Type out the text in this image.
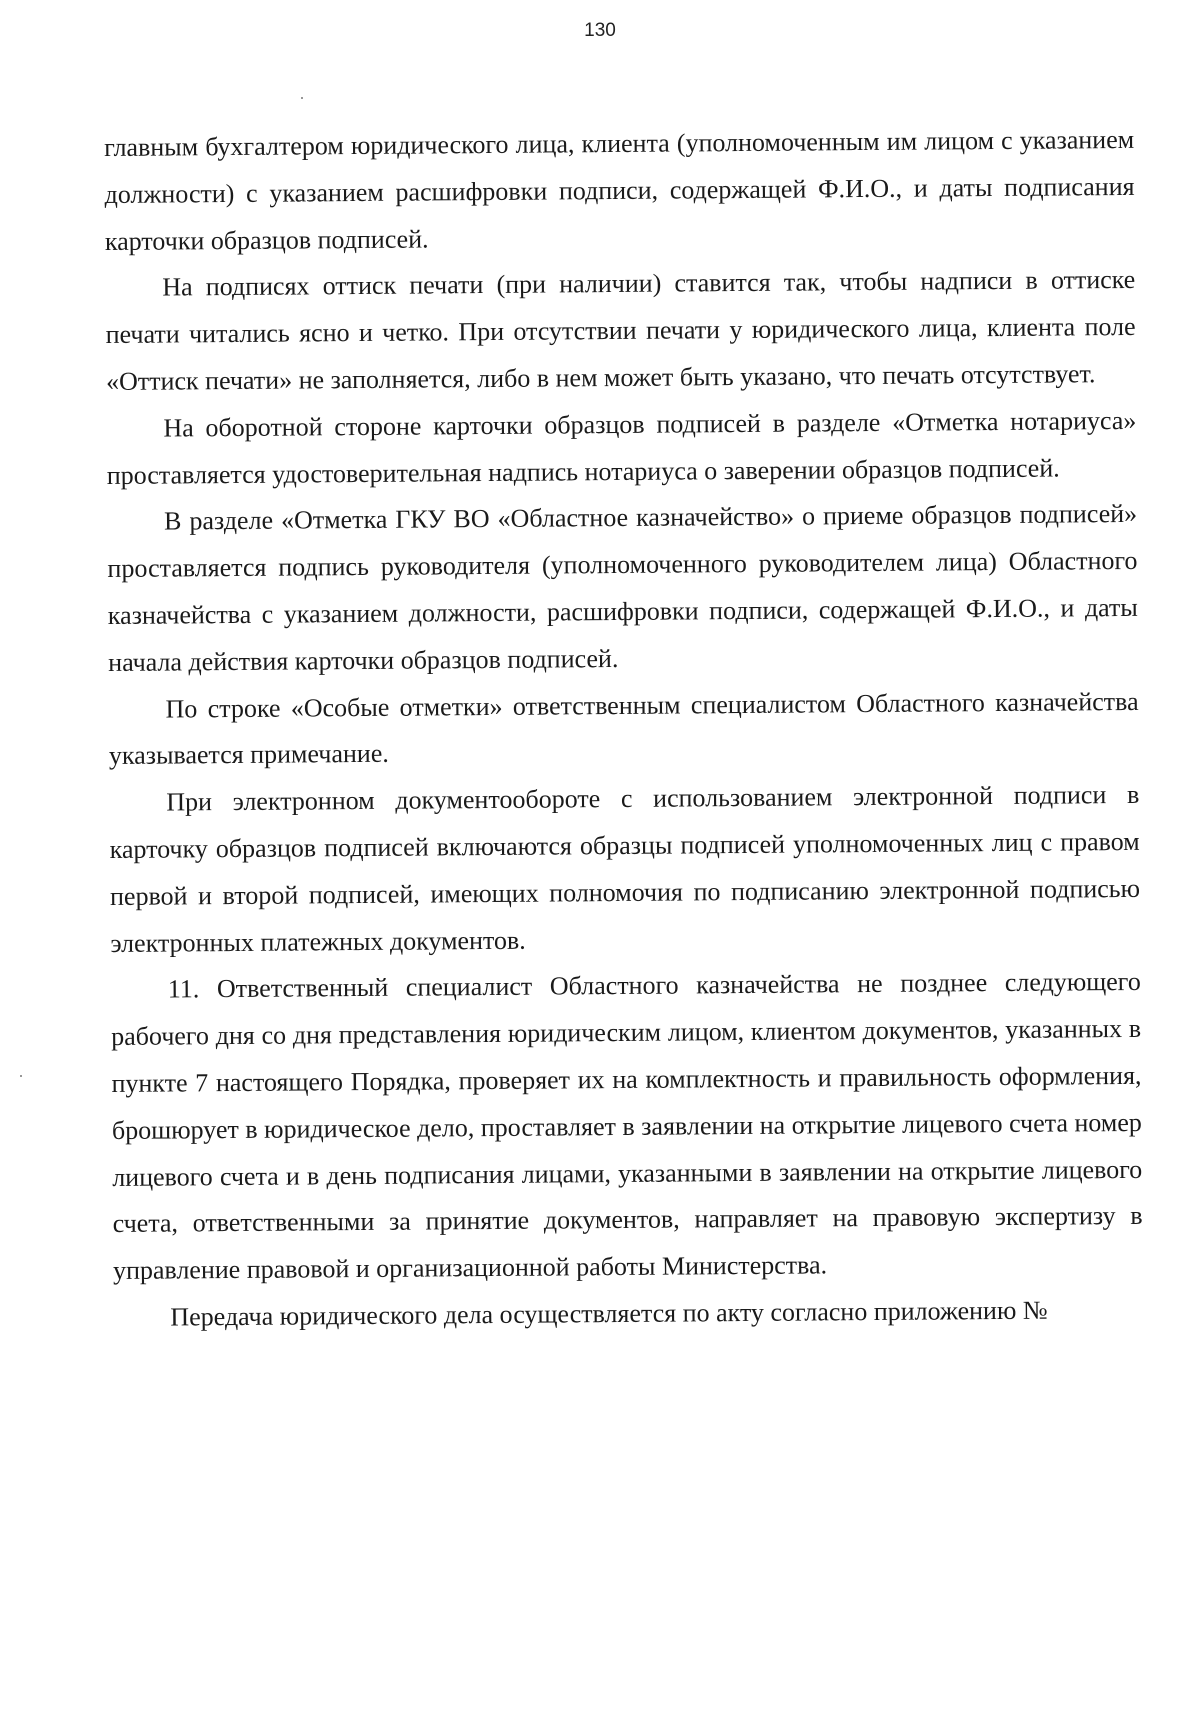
130

главным бухгалтером юридического лица, клиента (уполномоченным им лицом с указанием должности) с указанием расшифровки подписи, содержащей Ф.И.О., и даты подписания карточки образцов подписей.

На подписях оттиск печати (при наличии) ставится так, чтобы надписи в оттиске печати читались ясно и четко. При отсутствии печати у юридического лица, клиента поле «Оттиск печати» не заполняется, либо в нем может быть указано, что печать отсутствует.

На оборотной стороне карточки образцов подписей в разделе «Отметка нотариуса» проставляется удостоверительная надпись нотариуса о заверении образцов подписей.

В разделе «Отметка ГКУ ВО «Областное казначейство» о приеме образцов подписей» проставляется подпись руководителя (уполномоченного руководителем лица) Областного казначейства с указанием должности, расшифровки подписи, содержащей Ф.И.О., и даты начала действия карточки образцов подписей.

По строке «Особые отметки» ответственным специалистом Областного казначейства указывается примечание.

При электронном документообороте с использованием электронной подписи в карточку образцов подписей включаются образцы подписей уполномоченных лиц с правом первой и второй подписей, имеющих полномочия по подписанию электронной подписью электронных платежных документов.

11. Ответственный специалист Областного казначейства не позднее следующего рабочего дня со дня представления юридическим лицом, клиентом документов, указанных в пункте 7 настоящего Порядка, проверяет их на комплектность и правильность оформления, брошюрует в юридическое дело, проставляет в заявлении на открытие лицевого счета номер лицевого счета и в день подписания лицами, указанными в заявлении на открытие лицевого счета, ответственными за принятие документов, направляет на правовую экспертизу в управление правовой и организационной работы Министерства.

Передача юридического дела осуществляется по акту согласно приложению №
